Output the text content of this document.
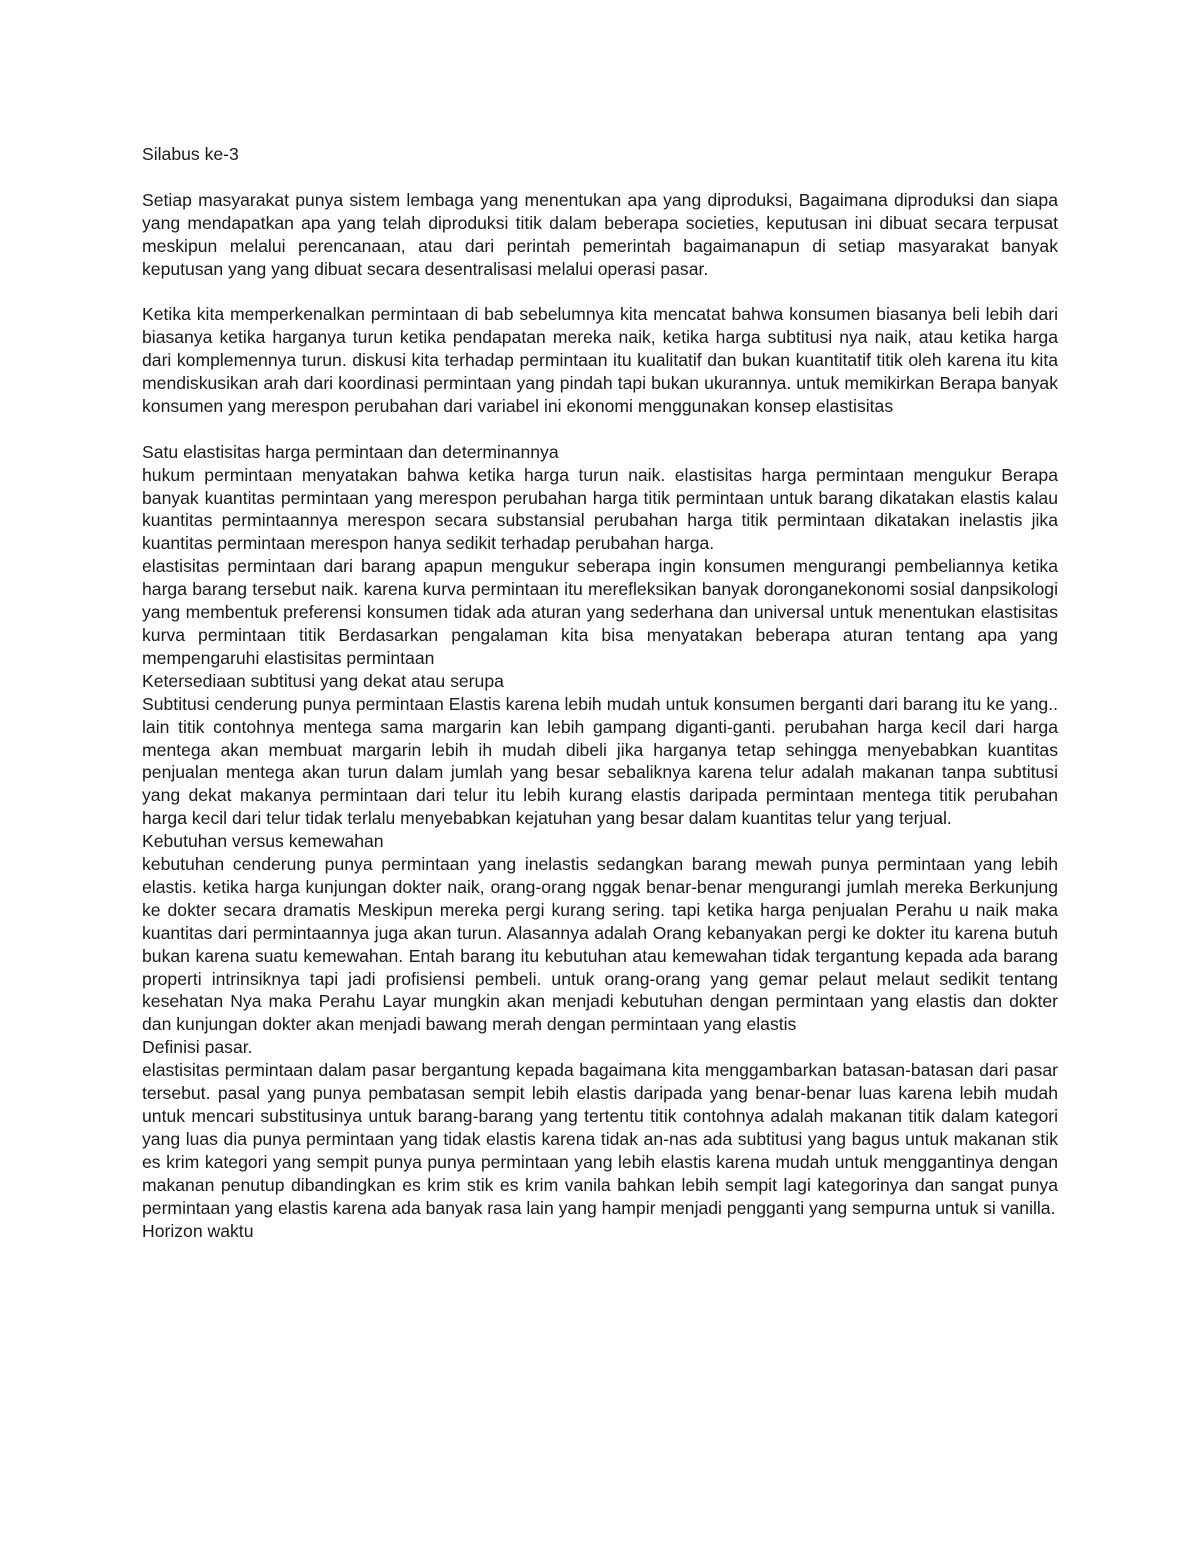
Silabus ke-3

Setiap masyarakat punya sistem lembaga yang menentukan apa yang diproduksi, Bagaimana diproduksi dan siapa yang mendapatkan apa yang telah diproduksi titik dalam beberapa societies, keputusan ini dibuat secara terpusat meskipun melalui perencanaan, atau dari perintah pemerintah bagaimanapun di setiap masyarakat banyak keputusan yang yang dibuat secara desentralisasi melalui operasi pasar.

Ketika kita memperkenalkan permintaan di bab sebelumnya kita mencatat bahwa konsumen biasanya beli lebih dari biasanya ketika harganya turun ketika pendapatan mereka naik, ketika harga subtitusi nya naik, atau ketika harga dari komplemennya turun. diskusi kita terhadap permintaan itu kualitatif dan bukan kuantitatif titik oleh karena itu kita mendiskusikan arah dari koordinasi permintaan yang pindah tapi bukan ukurannya. untuk memikirkan Berapa banyak konsumen yang merespon perubahan dari variabel ini ekonomi menggunakan konsep elastisitas

Satu elastisitas harga permintaan dan determinannya

hukum permintaan menyatakan bahwa ketika harga turun naik. elastisitas harga permintaan mengukur Berapa banyak kuantitas permintaan yang merespon perubahan harga titik permintaan untuk barang dikatakan elastis kalau kuantitas permintaannya merespon secara substansial perubahan harga titik permintaan dikatakan inelastis jika kuantitas permintaan merespon hanya sedikit terhadap perubahan harga.

elastisitas permintaan dari barang apapun mengukur seberapa ingin konsumen mengurangi pembeliannya ketika harga barang tersebut naik. karena kurva permintaan itu merefleksikan banyak doronganekonomi sosial danpsikologi yang membentuk preferensi konsumen tidak ada aturan yang sederhana dan universal untuk menentukan elastisitas kurva permintaan titik Berdasarkan pengalaman kita bisa menyatakan beberapa aturan tentang apa yang mempengaruhi elastisitas permintaan

Ketersediaan subtitusi yang dekat atau serupa

Subtitusi cenderung punya permintaan Elastis karena lebih mudah untuk konsumen berganti dari barang itu ke yang.. lain titik contohnya mentega sama margarin kan lebih gampang diganti-ganti. perubahan harga kecil dari harga mentega akan membuat margarin lebih ih mudah dibeli jika harganya tetap sehingga menyebabkan kuantitas penjualan mentega akan turun dalam jumlah yang besar sebaliknya karena telur adalah makanan tanpa subtitusi yang dekat makanya permintaan dari telur itu lebih kurang elastis daripada permintaan mentega titik perubahan harga kecil dari telur tidak terlalu menyebabkan kejatuhan yang besar dalam kuantitas telur yang terjual.

Kebutuhan versus kemewahan

kebutuhan cenderung punya permintaan yang inelastis sedangkan barang mewah punya permintaan yang lebih elastis. ketika harga kunjungan dokter naik, orang-orang nggak benar-benar mengurangi jumlah mereka Berkunjung ke dokter secara dramatis Meskipun mereka pergi kurang sering. tapi ketika harga penjualan Perahu u naik maka kuantitas dari permintaannya juga akan turun. Alasannya adalah Orang kebanyakan pergi ke dokter itu karena butuh bukan karena suatu kemewahan. Entah barang itu kebutuhan atau kemewahan tidak tergantung kepada ada barang properti intrinsiknya tapi jadi profisiensi pembeli. untuk orang-orang yang gemar pelaut melaut sedikit tentang kesehatan Nya maka Perahu Layar mungkin akan menjadi kebutuhan dengan permintaan yang elastis dan dokter dan kunjungan dokter akan menjadi bawang merah dengan permintaan yang elastis

Definisi pasar.

elastisitas permintaan dalam pasar bergantung kepada bagaimana kita menggambarkan batasan-batasan dari pasar tersebut. pasal yang punya pembatasan sempit lebih elastis daripada yang benar-benar luas karena lebih mudah untuk mencari substitusinya untuk barang-barang yang tertentu titik contohnya adalah makanan titik dalam kategori yang luas dia punya permintaan yang tidak elastis karena tidak an-nas ada subtitusi yang bagus untuk makanan stik es krim kategori yang sempit punya punya permintaan yang lebih elastis karena mudah untuk menggantinya dengan makanan penutup dibandingkan es krim stik es krim vanila bahkan lebih sempit lagi kategorinya dan sangat punya permintaan yang elastis karena ada banyak rasa lain yang hampir menjadi pengganti yang sempurna untuk si vanilla.

Horizon waktu
